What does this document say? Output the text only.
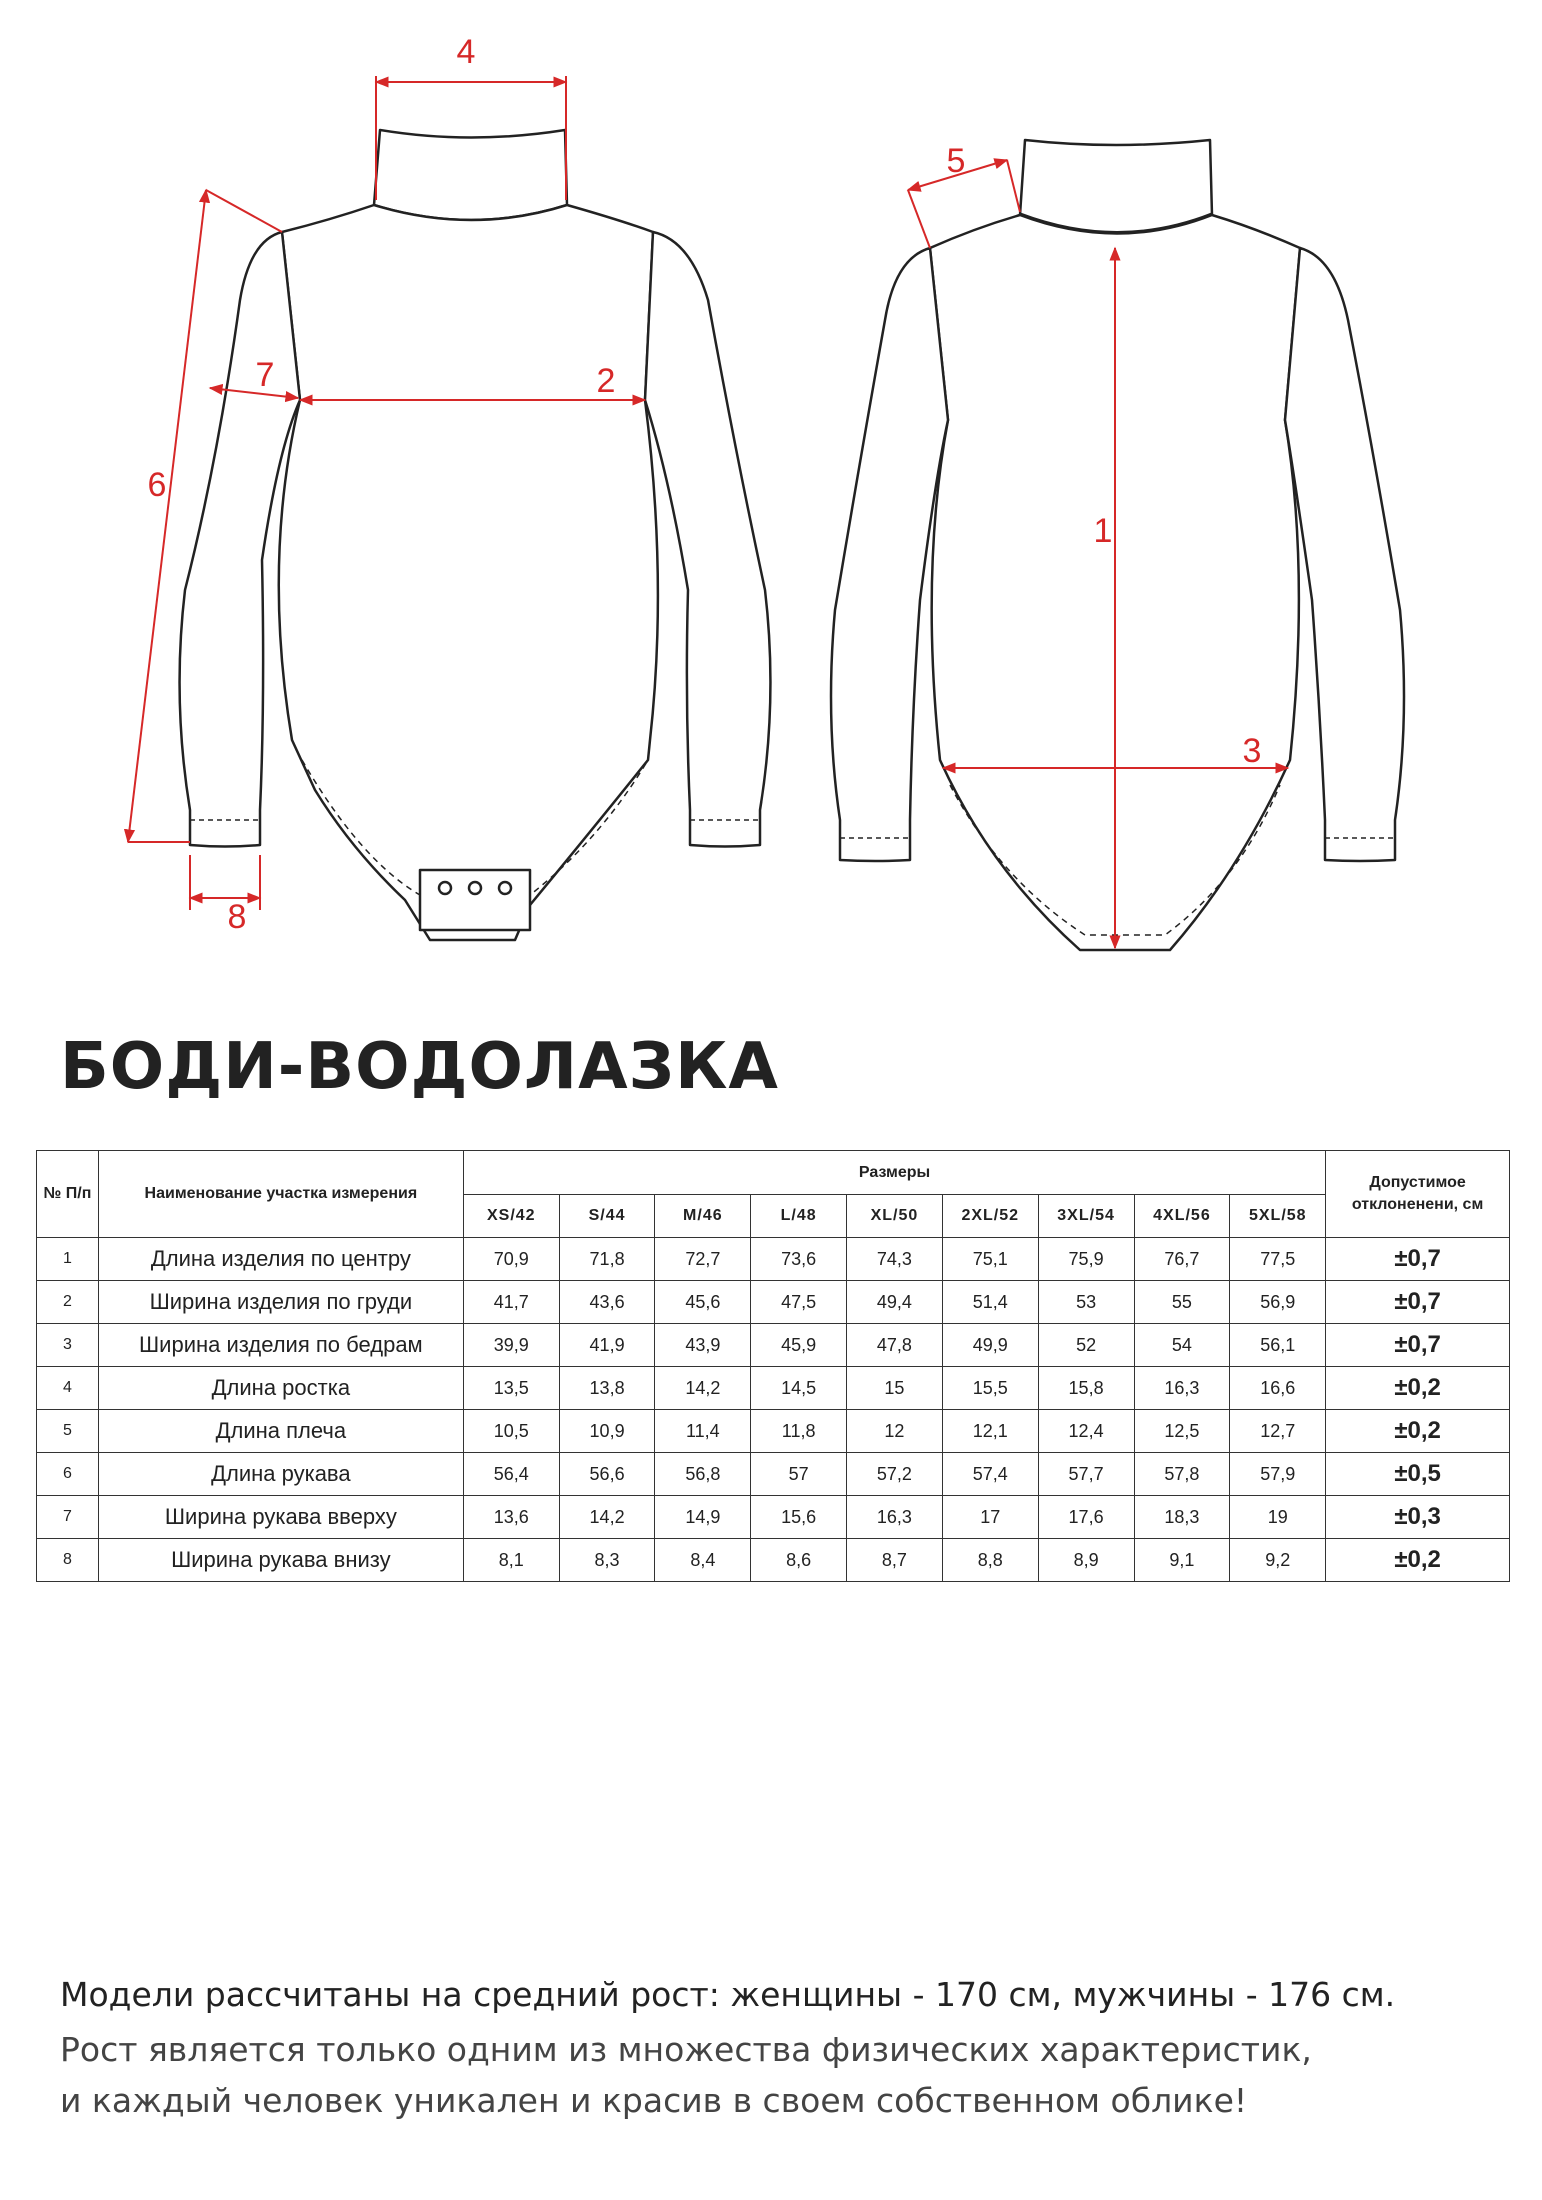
4
2
7
6
8
5
1
3
БОДИ-ВОДОЛАЗКА
№ П/п	Наименование участка измерения	Размеры									Допустимое отклоненени, см
		XS/42	S/44	M/46	L/48	XL/50	2XL/52	3XL/54	4XL/56	5XL/58	
1	Длина изделия по центру	70,9	71,8	72,7	73,6	74,3	75,1	75,9	76,7	77,5	±0,7
2	Ширина изделия по груди	41,7	43,6	45,6	47,5	49,4	51,4	53	55	56,9	±0,7
3	Ширина изделия по бедрам	39,9	41,9	43,9	45,9	47,8	49,9	52	54	56,1	±0,7
4	Длина ростка	13,5	13,8	14,2	14,5	15	15,5	15,8	16,3	16,6	±0,2
5	Длина плеча	10,5	10,9	11,4	11,8	12	12,1	12,4	12,5	12,7	±0,2
6	Длина рукава	56,4	56,6	56,8	57	57,2	57,4	57,7	57,8	57,9	±0,5
7	Ширина рукава вверху	13,6	14,2	14,9	15,6	16,3	17	17,6	18,3	19	±0,3
8	Ширина рукава внизу	8,1	8,3	8,4	8,6	8,7	8,8	8,9	9,1	9,2	±0,2
Модели рассчитаны на средний рост: женщины - 170 см, мужчины - 176 см.
Рост является только одним из множества физических характеристик,
и каждый человек уникален и красив в своем собственном облике!
